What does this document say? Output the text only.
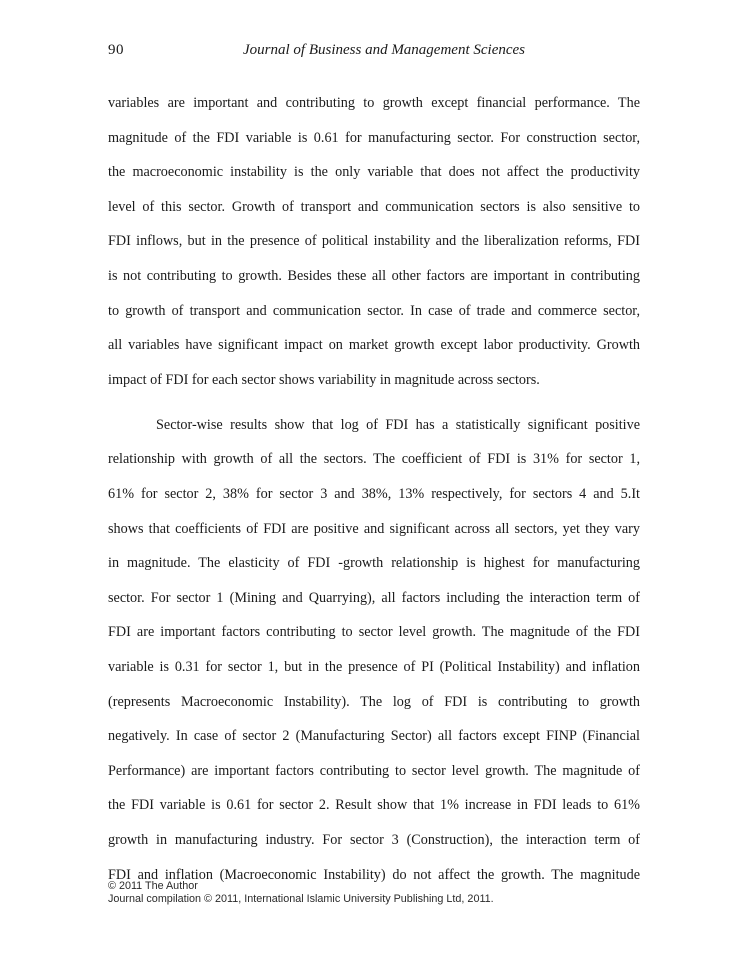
90	Journal of Business and Management Sciences
variables are important and contributing to growth except financial performance. The
magnitude of the FDI variable is 0.61 for manufacturing sector. For construction sector,
the macroeconomic instability is the only variable that does not affect the productivity
level of this sector. Growth of transport and communication sectors is also sensitive to
FDI inflows, but in the presence of political instability and the liberalization reforms, FDI
is not contributing to growth. Besides these all other factors are important in contributing
to growth of transport and communication sector. In case of trade and commerce sector,
all variables have significant impact on market growth except labor productivity. Growth
impact of FDI for each sector shows variability in magnitude across sectors.
Sector-wise results show that log of FDI has a statistically significant positive
relationship with growth of all the sectors. The coefficient of FDI is 31% for sector 1,
61% for sector 2, 38% for sector 3 and 38%, 13% respectively, for sectors 4 and 5.It
shows that coefficients of FDI are positive and significant across all sectors, yet they vary
in magnitude. The elasticity of FDI -growth relationship is highest for manufacturing
sector. For sector 1 (Mining and Quarrying), all factors including the interaction term of
FDI are important factors contributing to sector level growth. The magnitude of the FDI
variable is 0.31 for sector 1, but in the presence of PI (Political Instability) and inflation
(represents Macroeconomic Instability). The log of FDI is contributing to growth
negatively. In case of sector 2 (Manufacturing Sector) all factors except FINP (Financial
Performance) are important factors contributing to sector level growth. The magnitude of
the FDI variable is 0.61 for sector 2. Result show that 1% increase in FDI leads to 61%
growth in manufacturing industry. For sector 3 (Construction), the interaction term of
FDI and inflation (Macroeconomic Instability) do not affect the growth. The magnitude
© 2011 The Author
Journal compilation © 2011, International Islamic University Publishing Ltd, 2011.
